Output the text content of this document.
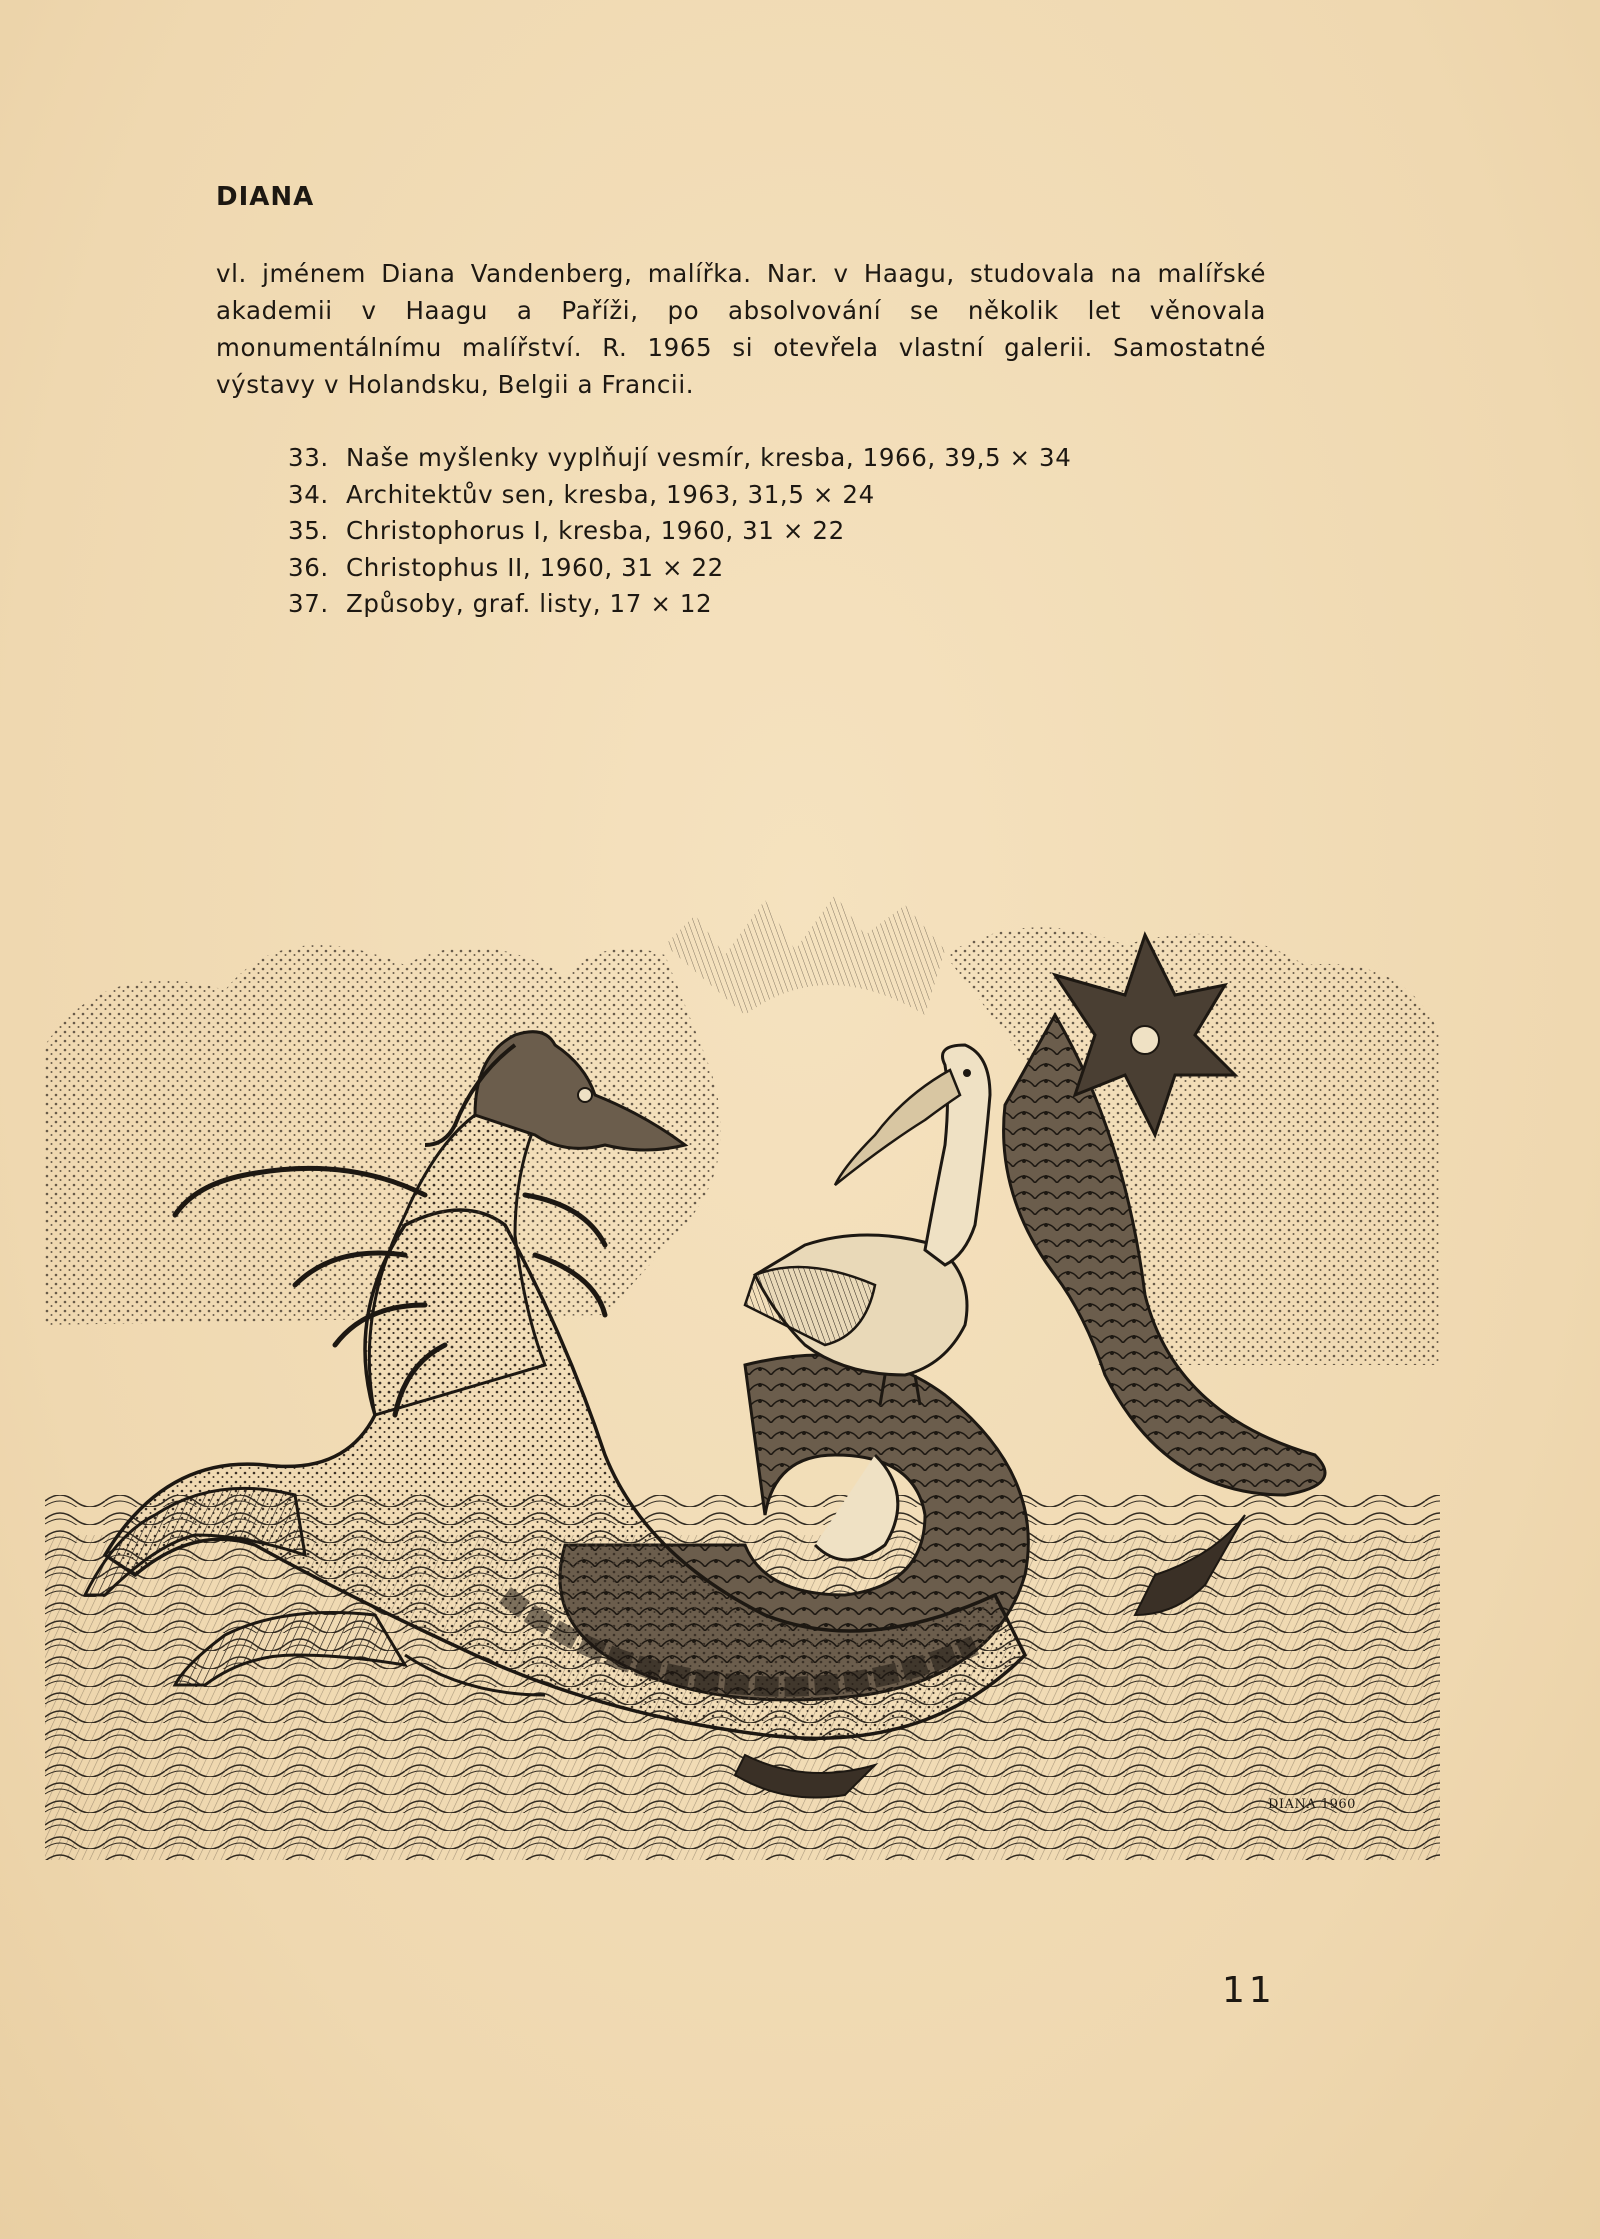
DIANA
vl. jménem Diana Vandenberg, malířka. Nar. v Haagu, studovala na malířské akademii v Haagu a Paříži, po absolvování se několik let věnovala monumentálnímu malířství. R. 1965 si otevřela vlastní galerii. Samostatné výstavy v Holandsku, Belgii a Francii.
33. Naše myšlenky vyplňují vesmír, kresba, 1966, 39,5 × 34
34. Architektův sen, kresba, 1963, 31,5 × 24
35. Christophorus I, kresba, 1960, 31 × 22
36. Christophus II, 1960, 31 × 22
37. Způsoby, graf. listy, 17 × 12
DIANA 1960
11
